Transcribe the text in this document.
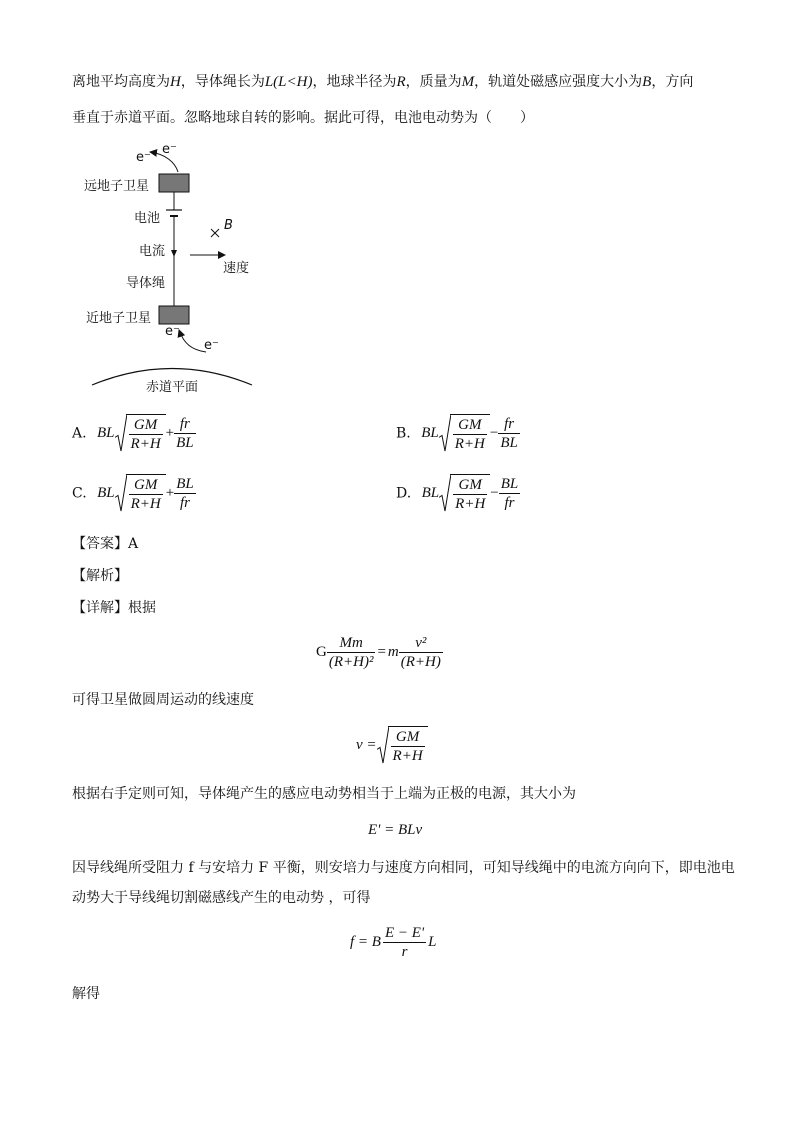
离地平均高度为H，导体绳长为L(L<H)，地球半径为R，质量为M，轨道处磁感应强度大小为B，方向
垂直于赤道平面。忽略地球自转的影响。据此可得，电池电动势为（　　）
e⁻
e⁻
远地子卫星
电池	B
电流
速度
导体绳
近地子卫星
e⁻
e⁻
赤道平面
A. BL $\frac{GM}{R+H} + \frac{fr}{BL}$	B. BL $\frac{GM}{R+H} - \frac{fr}{BL}$
C. BL $\frac{GM}{R+H} + \frac{BL}{fr}$	D. BL $\frac{GM}{R+H} - \frac{BL}{fr}$
【答案】A
【解析】
【详解】根据
G $\frac{Mm}{\text{(R+H)²}} = m \frac{\text{v²}}{(R+H)}$
可得卫星做圆周运动的线速度
$v = \frac{GM}{R+H}$
根据右手定则可知，导体绳产生的感应电动势相当于上端为正极的电源，其大小为
E' = BLv
因导线绳所受阻力 f 与安培力 F 平衡，则安培力与速度方向相同，可知导线绳中的电流方向向下，即电池电
动势大于导线绳切割磁感线产生的电动势 ，可得
f = B $\frac{E - E'}{r}$ L
解得
